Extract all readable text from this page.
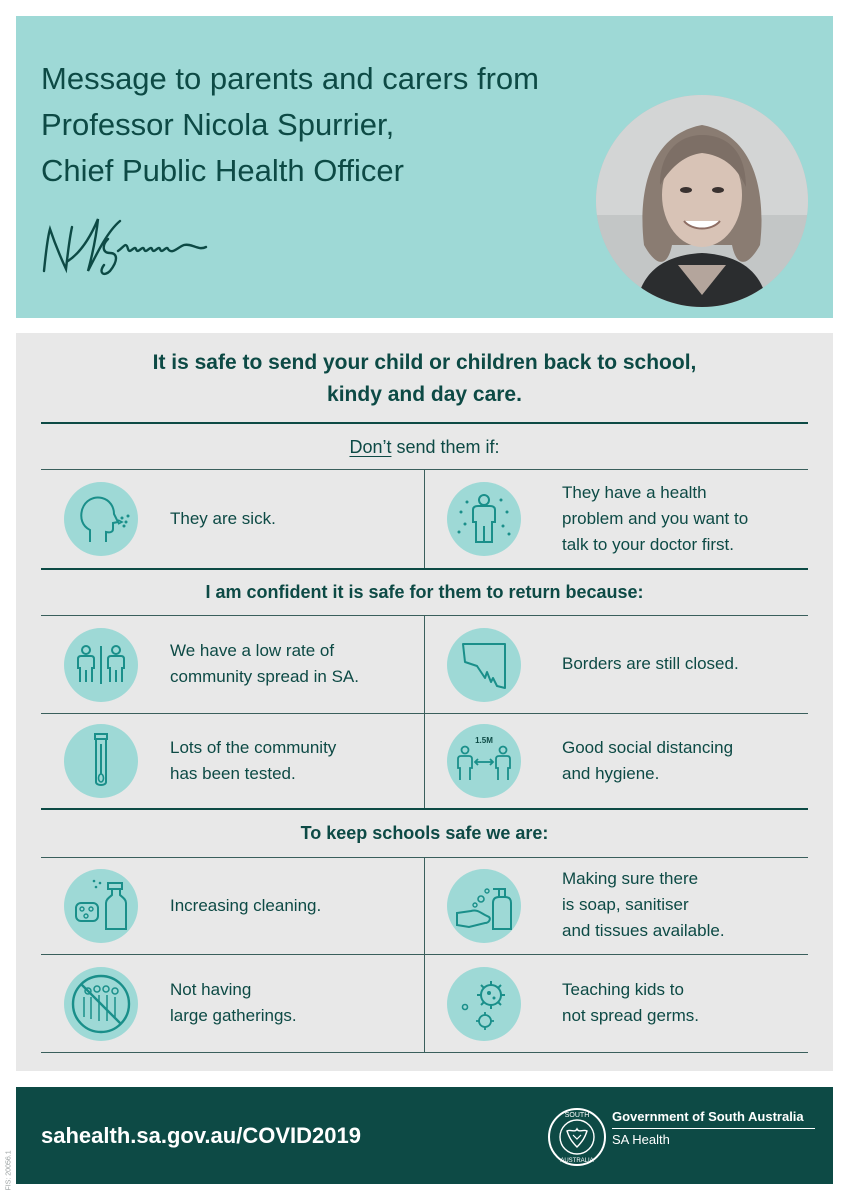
Message to parents and carers from
Professor Nicola Spurrier,
Chief Public Health Officer
It is safe to send your child or children back to school,
kindy and day care.
Don’t send them if:
They are sick.
They have a health
problem and you want to
talk to your doctor first.
I am confident it is safe for them to return because:
We have a low rate of
community spread in SA.
Borders are still closed.
Lots of the community
has been tested.
1.5M	Good social distancing
and hygiene.
To keep schools safe we are:
Increasing cleaning.
Making sure there
is soap, sanitiser
and tissues available.
Not having
large gatherings.
Teaching kids to
not spread germs.
sahealth.sa.gov.au/COVID2019
SOUTH
AUSTRALIA
Government of South Australia
SA Health
FIS: 20056.1
